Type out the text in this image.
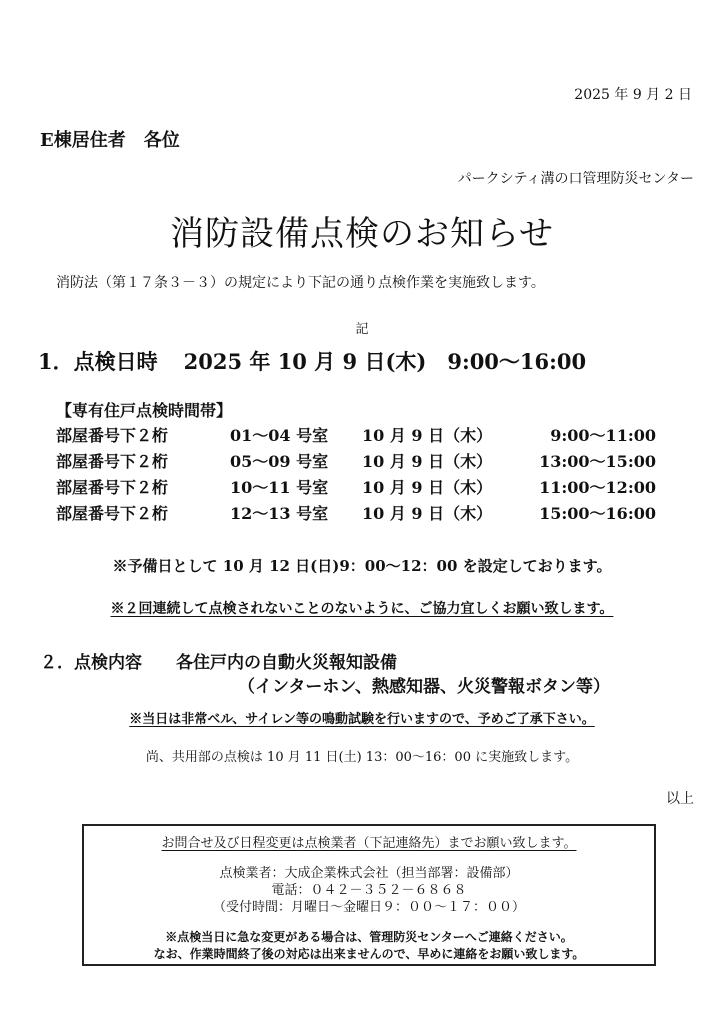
2025 年 9 月 2 日
E棟居住者　各位
パークシティ溝の口管理防災センター
消防設備点検のお知らせ
消防法（第１７条３－３）の規定により下記の通り点検作業を実施致します。
記
1．点検日時 2025 年 10 月 9 日(木)　9:00～16:00
【専有住戸点検時間帯】
部屋番号下２桁	01～04 号室 10 月 9 日（木）	9:00～11:00
部屋番号下２桁	05～09 号室 10 月 9 日（木）	13:00～15:00
部屋番号下２桁	10～11 号室 10 月 9 日（木）	11:00～12:00
部屋番号下２桁	12～13 号室 10 月 9 日（木）	15:00～16:00
※予備日として 10 月 12 日(日)9：00～12：00 を設定しております。
※２回連続して点検されないことのないように、ご協力宜しくお願い致します。
２．点検内容 各住戸内の自動火災報知設備
（インターホン、熱感知器、火災警報ボタン等）
※当日は非常ベル、サイレン等の鳴動試験を行いますので、予めご了承下さい。
尚、共用部の点検は 10 月 11 日(土) 13：00～16：00 に実施致します。
以上
お問合せ及び日程変更は点検業者（下記連絡先）までお願い致します。
点検業者：大成企業株式会社（担当部署：設備部）
電話：０４２－３５２－６８６８
（受付時間：月曜日～金曜日９：００～１７：００）
※点検当日に急な変更がある場合は、管理防災センターへご連絡ください。
なお、作業時間終了後の対応は出来ませんので、早めに連絡をお願い致します。
